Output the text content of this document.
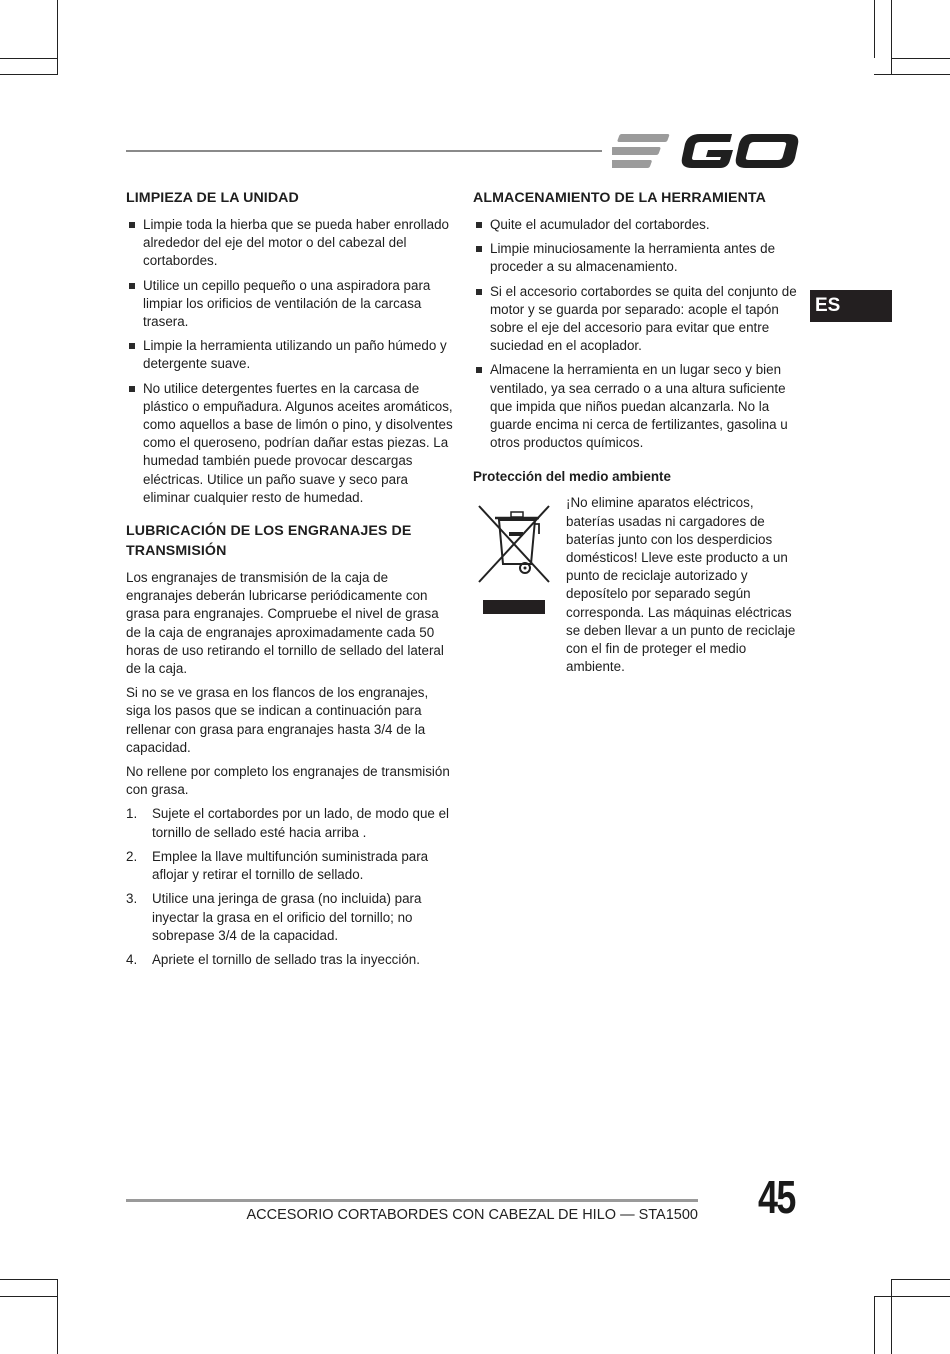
ES
LIMPIEZA DE LA UNIDAD
Limpie toda la hierba que se pueda haber enrollado alrededor del eje del motor o del cabezal del cortabordes.
Utilice un cepillo pequeño o una aspiradora para limpiar los orificios de ventilación de la carcasa trasera.
Limpie la herramienta utilizando un paño húmedo y detergente suave.
No utilice detergentes fuertes en la carcasa de plástico o empuñadura. Algunos aceites aromáticos, como aquellos a base de limón o pino, y disolventes como el queroseno, podrían dañar estas piezas. La humedad también puede provocar descargas eléctricas. Utilice un paño suave y seco para eliminar cualquier resto de humedad.
LUBRICACIÓN DE LOS ENGRANAJES DE TRANSMISIÓN

Los engranajes de transmisión de la caja de engranajes deberán lubricarse periódicamente con grasa para engranajes. Compruebe el nivel de grasa de la caja de engranajes aproximadamente cada 50 horas de uso retirando el tornillo de sellado del lateral de la caja.

Si no se ve grasa en los flancos de los engranajes, siga los pasos que se indican a continuación para rellenar con grasa para engranajes hasta 3/4 de la capacidad.

No rellene por completo los engranajes de transmisión con grasa.

1. Sujete el cortabordes por un lado, de modo que el tornillo de sellado esté hacia arriba .
2. Emplee la llave multifunción suministrada para aflojar y retirar el tornillo de sellado.
3. Utilice una jeringa de grasa (no incluida) para inyectar la grasa en el orificio del tornillo; no sobrepase 3/4 de la capacidad.
4. Apriete el tornillo de sellado tras la inyección.
ALMACENAMIENTO DE LA HERRAMIENTA
Quite el acumulador del cortabordes.
Limpie minuciosamente la herramienta antes de proceder a su almacenamiento.
Si el accesorio cortabordes se quita del conjunto de motor y se guarda por separado: acople el tapón sobre el eje del accesorio para evitar que entre suciedad en el acoplador.
Almacene la herramienta en un lugar seco y bien ventilado, ya sea cerrado o a una altura suficiente que impida que niños puedan alcanzarla. No la guarde encima ni cerca de fertilizantes, gasolina u otros productos químicos.
Protección del medio ambiente
¡No elimine aparatos eléctricos, baterías usadas ni cargadores de baterías junto con los desperdicios domésticos! Lleve este producto a un punto de reciclaje autorizado y deposítelo por separado según corresponda. Las máquinas eléctricas se deben llevar a un punto de reciclaje con el fin de proteger el medio ambiente.
ACCESORIO CORTABORDES CON CABEZAL DE HILO — STA1500 45
